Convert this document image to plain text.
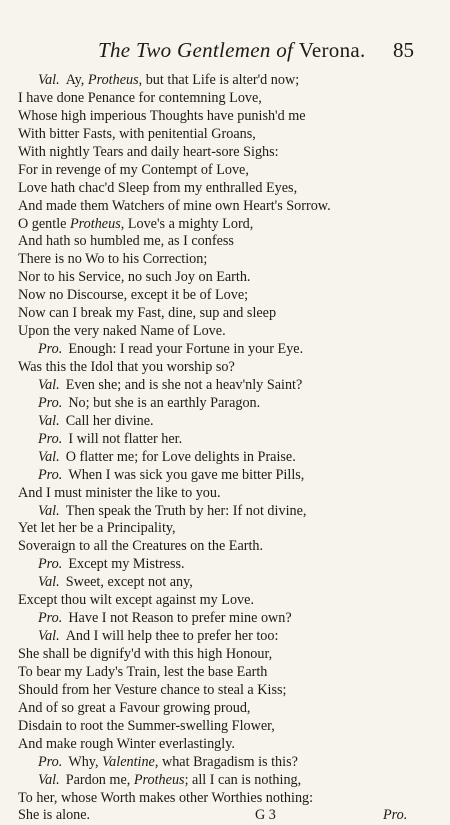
The Two Gentlemen of Verona. 85
Val. Ay, Protheus, but that Life is alter'd now;
I have done Penance for contemning Love,
Whose high imperious Thoughts have punish'd me
With bitter Fasts, with penitential Groans,
With nightly Tears and daily heart-sore Sighs:
For in revenge of my Contempt of Love,
Love hath chac'd Sleep from my enthralled Eyes,
And made them Watchers of mine own Heart's Sorrow.
O gentle Protheus, Love's a mighty Lord,
And hath so humbled me, as I confess
There is no Wo to his Correction;
Nor to his Service, no such Joy on Earth.
Now no Discourse, except it be of Love;
Now can I break my Fast, dine, sup and sleep
Upon the very naked Name of Love.
Pro. Enough: I read your Fortune in your Eye.
Was this the Idol that you worship so?
Val. Even she; and is she not a heav'nly Saint?
Pro. No; but she is an earthly Paragon.
Val. Call her divine.
Pro. I will not flatter her.
Val. O flatter me; for Love delights in Praise.
Pro. When I was sick you gave me bitter Pills,
And I must minister the like to you.
Val. Then speak the Truth by her: If not divine,
Yet let her be a Principality,
Soveraign to all the Creatures on the Earth.
Pro. Except my Mistress.
Val. Sweet, except not any,
Except thou wilt except against my Love.
Pro. Have I not Reason to prefer mine own?
Val. And I will help thee to prefer her too:
She shall be dignify'd with this high Honour,
To bear my Lady's Train, lest the base Earth
Should from her Vesture chance to steal a Kiss;
And of so great a Favour growing proud,
Disdain to root the Summer-swelling Flower,
And make rough Winter everlastingly.
Pro. Why, Valentine, what Bragadism is this?
Val. Pardon me, Protheus; all I can is nothing,
To her, whose Worth makes other Worthies nothing:
She is alone.	G 3	Pro.
